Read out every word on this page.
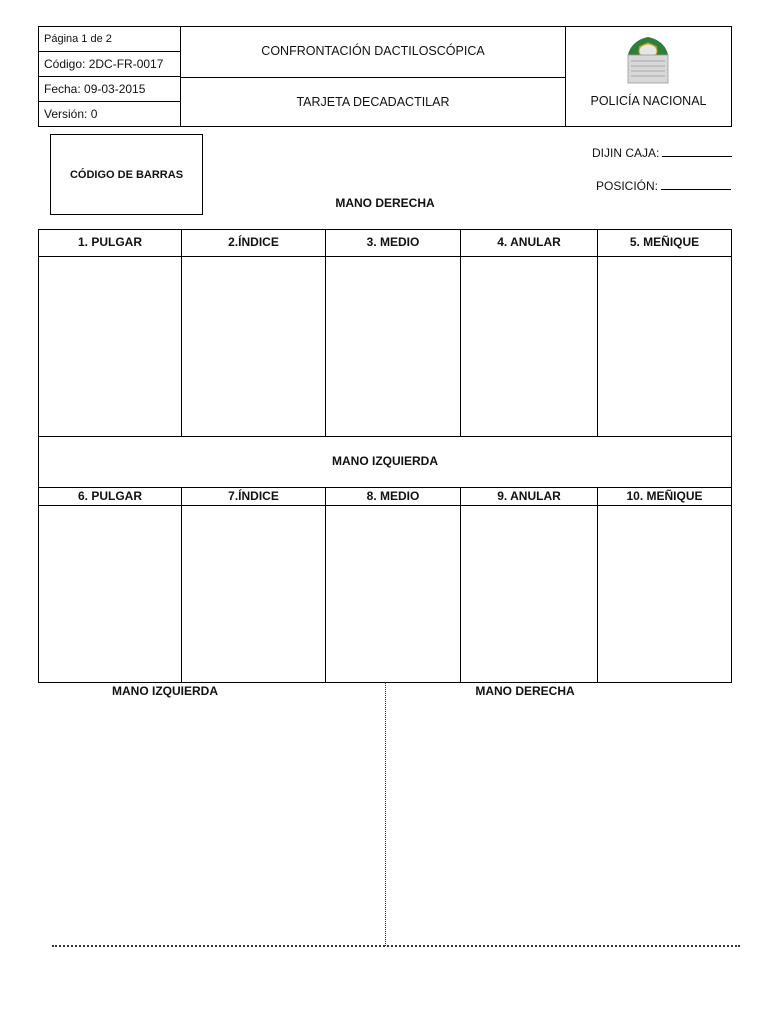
Página 1 de 2
Código: 2DC-FR-0017
Fecha: 09-03-2015
Versión: 0
CONFRONTACIÓN DACTILOSCÓPICA
TARJETA DECADACTILAR	POLICÍA NACIONAL
CÓDIGO DE BARRAS
DIJIN CAJA:
POSICIÓN:
MANO DERECHA
1. PULGAR	2.ÍNDICE	3. MEDIO	4. ANULAR	5. MEÑIQUE
MANO IZQUIERDA
6. PULGAR	7.ÍNDICE	8. MEDIO	9. ANULAR	10. MEÑIQUE
MANO IZQUIERDA	MANO DERECHA
